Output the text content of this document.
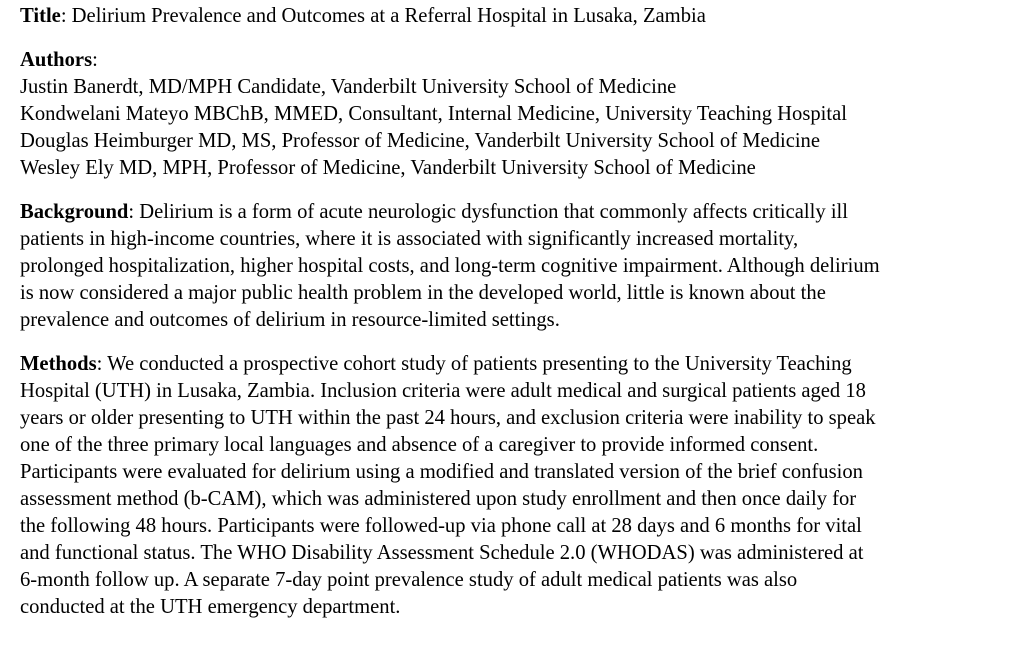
Title: Delirium Prevalence and Outcomes at a Referral Hospital in Lusaka, Zambia
Authors:
Justin Banerdt, MD/MPH Candidate, Vanderbilt University School of Medicine
Kondwelani Mateyo MBChB, MMED, Consultant, Internal Medicine, University Teaching Hospital
Douglas Heimburger MD, MS, Professor of Medicine, Vanderbilt University School of Medicine
Wesley Ely MD, MPH, Professor of Medicine, Vanderbilt University School of Medicine
Background: Delirium is a form of acute neurologic dysfunction that commonly affects critically ill
patients in high-income countries, where it is associated with significantly increased mortality,
prolonged hospitalization, higher hospital costs, and long-term cognitive impairment. Although delirium
is now considered a major public health problem in the developed world, little is known about the
prevalence and outcomes of delirium in resource-limited settings.
Methods: We conducted a prospective cohort study of patients presenting to the University Teaching
Hospital (UTH) in Lusaka, Zambia. Inclusion criteria were adult medical and surgical patients aged 18
years or older presenting to UTH within the past 24 hours, and exclusion criteria were inability to speak
one of the three primary local languages and absence of a caregiver to provide informed consent.
Participants were evaluated for delirium using a modified and translated version of the brief confusion
assessment method (b-CAM), which was administered upon study enrollment and then once daily for
the following 48 hours. Participants were followed-up via phone call at 28 days and 6 months for vital
and functional status. The WHO Disability Assessment Schedule 2.0 (WHODAS) was administered at
6-month follow up. A separate 7-day point prevalence study of adult medical patients was also
conducted at the UTH emergency department.
